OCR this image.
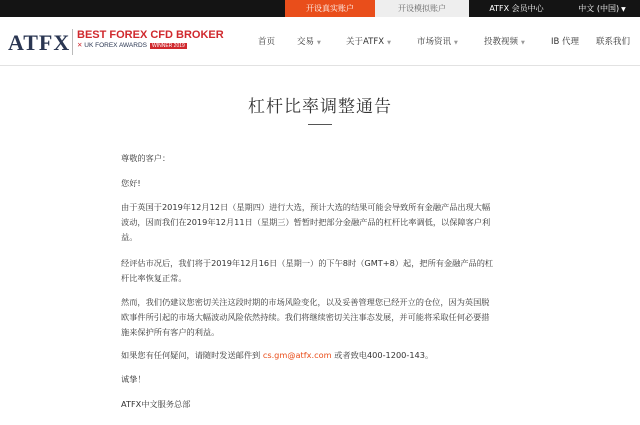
开设真实账户	开设模拟账户	ATFX 会员中心	中文 (中国) ▼
ATFX BEST FOREX CFD BROKER
✕ UK FOREX AWARDS WINNER 2019	首页	交易 ▼	关于ATFX ▼	市场资讯 ▼	投教视频 ▼	IB 代理 联系我们
杠杆比率调整通告
尊敬的客户：
您好!
由于英国于2019年12月12日（星期四）进行大选，预计大选的结果可能会导致所有金融产品出现大幅
波动，因而我们在2019年12月11日（星期三）暂暂时把部分金融产品的杠杆比率调低，以保障客户利
益。
经评估市况后，我们将于2019年12月16日（星期一）的下午8时（GMT+8）起，把所有金融产品的杠
杆比率恢复正常。
然而，我们仍建议您密切关注这段时期的市场风险变化，以及妥善管理您已经开立的仓位，因为英国脱
欧事件所引起的市场大幅波动风险依然持续。我们将继续密切关注事态发展，并可能将采取任何必要措
施来保护所有客户的利益。
如果您有任何疑问，请随时发送邮件到 cs.gm@atfx.com 或者致电400-1200-143。
诚挚！
ATFX中文服务总部
